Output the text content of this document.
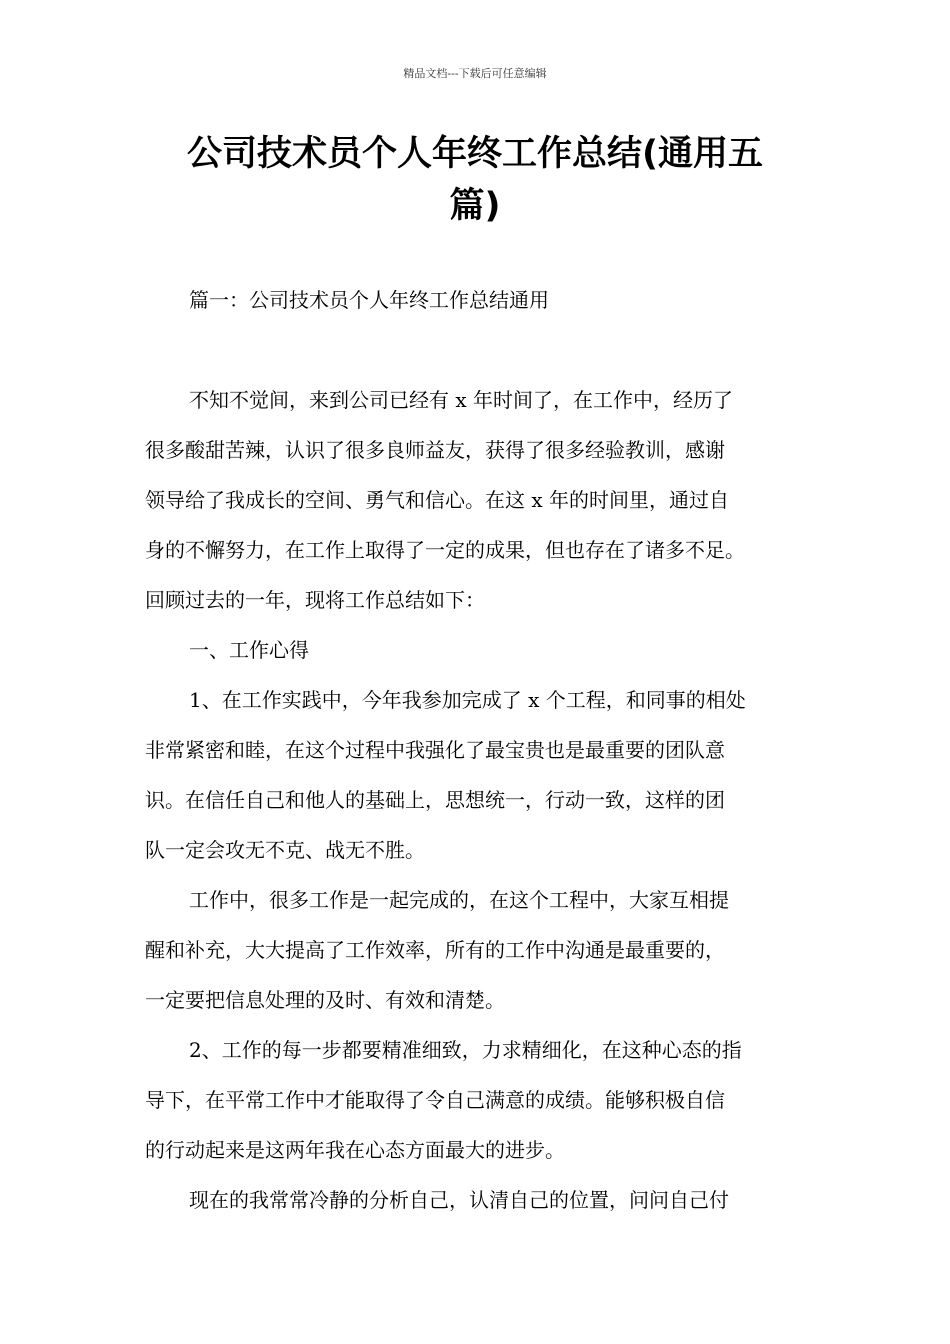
精品文档---下载后可任意编辑
公司技术员个人年终工作总结(通用五
篇)
篇一：公司技术员个人年终工作总结通用
不知不觉间，来到公司已经有 x 年时间了，在工作中，经历了
很多酸甜苦辣，认识了很多良师益友，获得了很多经验教训，感谢
领导给了我成长的空间、勇气和信心。在这 x 年的时间里，通过自
身的不懈努力，在工作上取得了一定的成果，但也存在了诸多不足。
回顾过去的一年，现将工作总结如下：
一、工作心得
1、在工作实践中，今年我参加完成了 x 个工程，和同事的相处
非常紧密和睦，在这个过程中我强化了最宝贵也是最重要的团队意
识。在信任自己和他人的基础上，思想统一，行动一致，这样的团
队一定会攻无不克、战无不胜。
工作中，很多工作是一起完成的，在这个工程中，大家互相提
醒和补充，大大提高了工作效率，所有的工作中沟通是最重要的，
一定要把信息处理的及时、有效和清楚。
2、工作的每一步都要精准细致，力求精细化，在这种心态的指
导下，在平常工作中才能取得了令自己满意的成绩。能够积极自信
的行动起来是这两年我在心态方面最大的进步。
现在的我常常冷静的分析自己，认清自己的位置，问问自己付
